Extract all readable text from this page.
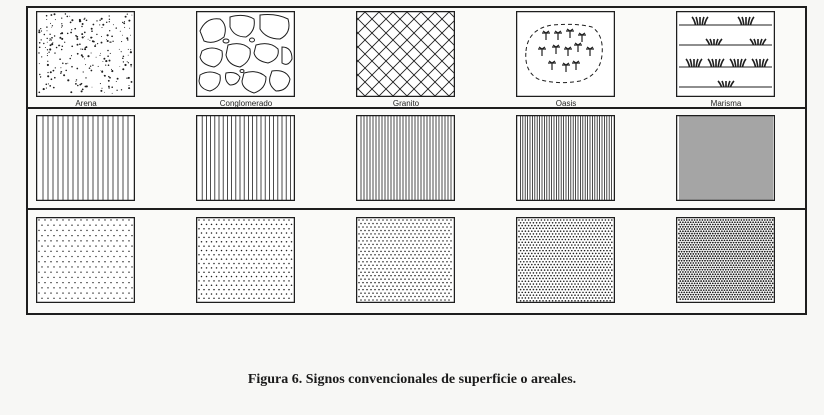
Arena	Conglomerado	Granito	Oasis	Marisma
Figura 6. Signos convencionales de superficie o areales.
